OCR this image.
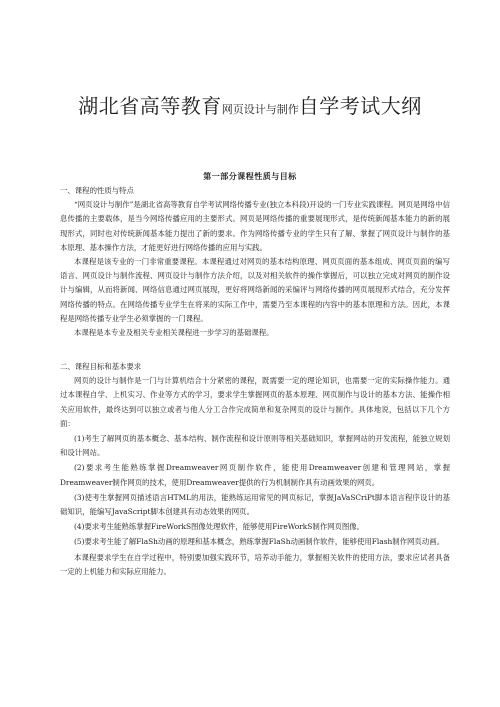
湖北省高等教育网页设计与制作自学考试大纲
第一部分课程性质与目标
一、课程的性质与特点

“网页设计与制作”是湖北省高等教育自学考试网络传播专业(独立本科段)开设的一门专业实践课程。网页是网络中信息传播的主要载体，是当今网络传播应用的主要形式。网页是网络传播的重要展现形式，是传统新闻基本能力的新的展现形式，同时也对传统新闻基本能力提出了新的要求。作为网络传播专业的学生只有了解、掌握了网页设计与制作的基本原理、基本操作方法，才能更好进行网络传播的应用与实践。

本课程是该专业的一门非常重要课程。本课程通过对网页的基本结构原理、网页页面的基本组成、网页页面的编写语言、网页设计与制作流程、网页设计与制作方法介绍，以及对相关软件的操作掌握后，可以独立完成对网页的制作设计与编辑，从而将新闻、网络信息通过网页展现，更好将网络新闻的采编评与网络传播的网页展现形式结合，充分发挥网络传播的特点。在网络传播专业学生在将来的实际工作中，需要乃至本课程的内容中的基本原理和方法。因此，本课程是网络传播专业学生必须掌握的一门课程。

本课程是本专业及相关专业相关课程进一步学习的基础课程。

二、课程目标和基本要求

网页的设计与制作是一门与计算机结合十分紧密的课程，既需要一定的理论知识，也需要一定的实际操作能力。通过本课程自学、上机实习、作业等方式的学习，要求学生掌握网页的基本原理、网页制作与设计的基本方法、能操作相关应用软件，最终达到可以独立或者与他人分工合作完成简单和复杂网页的设计与制作。具体地说，包括以下几个方面：

(1)考生了解网页的基本概念、基本结构、制作流程和设计原则等相关基础知识，掌握网站的开发流程，能独立规划和设计网站。

(2)要求考生能熟练掌握Dreamweaver网页制作软件，能使用Dreamweaver创建和管理网站，掌握Dreamweaver制作网页的技术，使用Dreamweaver提供的行为机制制作具有动画效果的网页。

(3)使考生掌握网页描述语言HTML的用法，能熟练运用常见的网页标记，掌握JaVaSCriPt脚本语言程序设计的基础知识，能编写JavaScript脚本创建具有动态效果的网页。

(4)要求考生能熟练掌握FireWorkS图像处理软件，能够使用FireWorkS制作网页图像。

(5)要求考生能了解FlaSh动画的原理和基本概念，熟练掌握FlaSh动画制作软件，能够使用Flash制作网页动画。

本课程要求学生在自学过程中，特别要加强实践环节，培养动手能力，掌握相关软件的使用方法，要求应试者具备一定的上机能力和实际应用能力。
